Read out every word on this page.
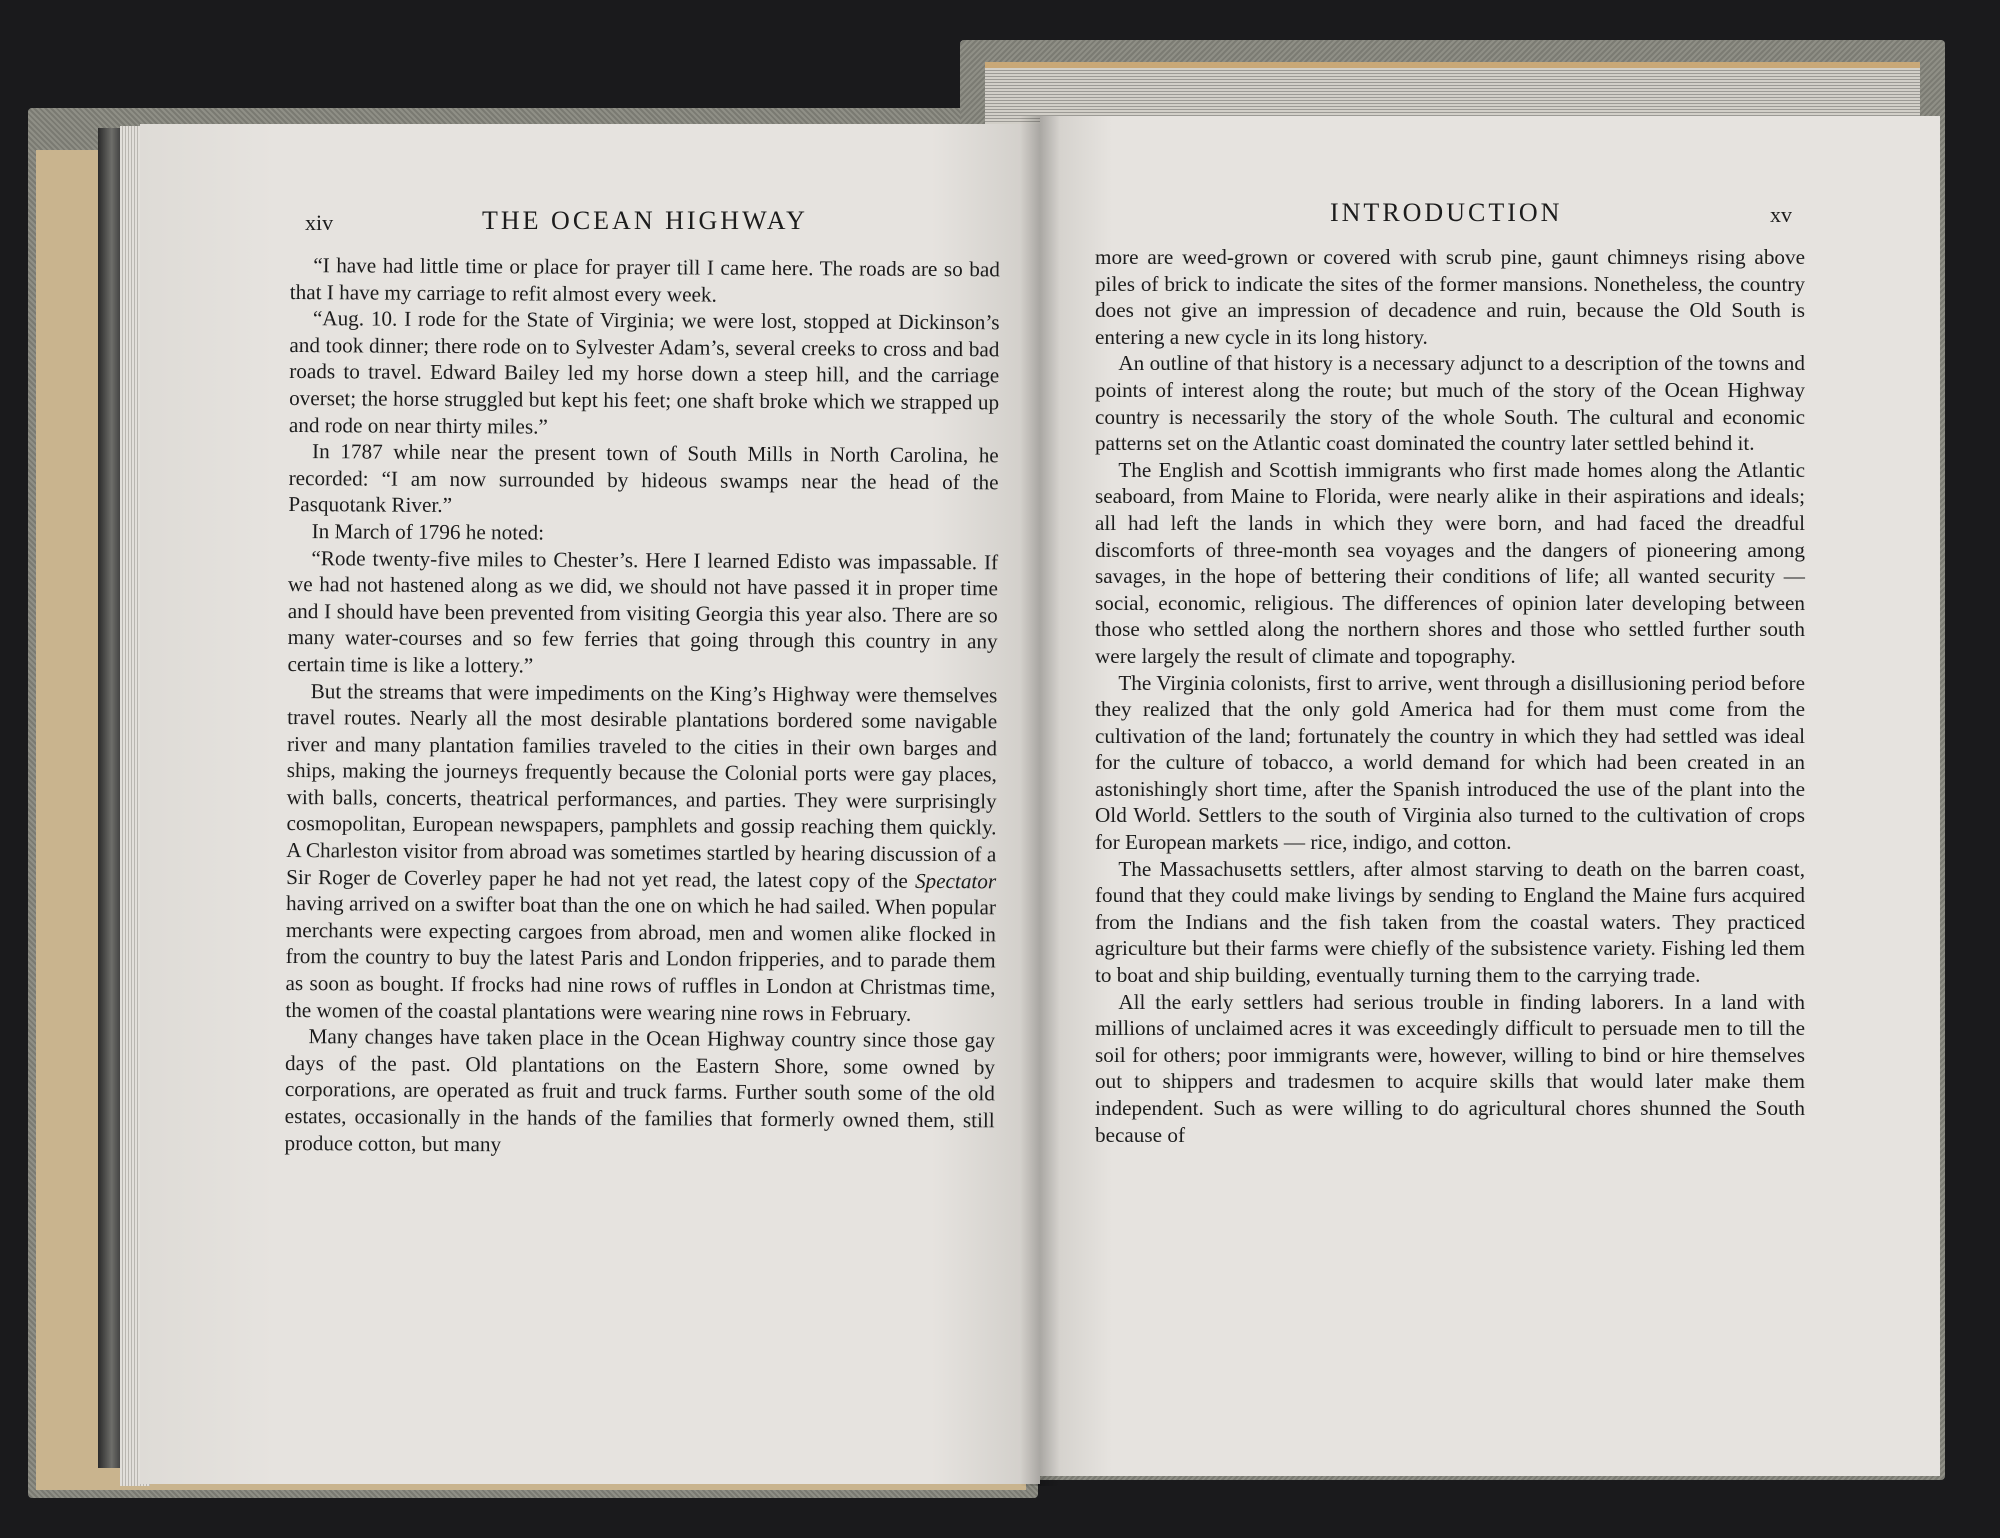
xiv	THE OCEAN HIGHWAY

“I have had little time or place for prayer till I came here. The roads are so bad that I have my carriage to refit almost every week.

“Aug. 10. I rode for the State of Virginia; we were lost, stopped at Dickinson’s and took dinner; there rode on to Sylvester Adam’s, several creeks to cross and bad roads to travel. Edward Bailey led my horse down a steep hill, and the carriage overset; the horse struggled but kept his feet; one shaft broke which we strapped up and rode on near thirty miles.”

In 1787 while near the present town of South Mills in North Carolina, he recorded: “I am now surrounded by hideous swamps near the head of the Pasquotank River.”

In March of 1796 he noted:

“Rode twenty-five miles to Chester’s. Here I learned Edisto was impassable. If we had not hastened along as we did, we should not have passed it in proper time and I should have been prevented from visiting Georgia this year also. There are so many water-courses and so few ferries that going through this country in any certain time is like a lottery.”

But the streams that were impediments on the King’s Highway were themselves travel routes. Nearly all the most desirable plantations bordered some navigable river and many plantation families traveled to the cities in their own barges and ships, making the journeys frequently because the Colonial ports were gay places, with balls, concerts, theatrical performances, and parties. They were surprisingly cosmopolitan, European newspapers, pamphlets and gossip reaching them quickly. A Charleston visitor from abroad was sometimes startled by hearing discussion of a Sir Roger de Coverley paper he had not yet read, the latest copy of the Spectator having arrived on a swifter boat than the one on which he had sailed. When popular merchants were expecting cargoes from abroad, men and women alike flocked in from the country to buy the latest Paris and London fripperies, and to parade them as soon as bought. If frocks had nine rows of ruffles in London at Christmas time, the women of the coastal plantations were wearing nine rows in February.

Many changes have taken place in the Ocean Highway country since those gay days of the past. Old plantations on the Eastern Shore, some owned by corporations, are operated as fruit and truck farms. Further south some of the old estates, occasionally in the hands of the families that formerly owned them, still produce cotton, but many

INTRODUCTION	xv

more are weed-grown or covered with scrub pine, gaunt chimneys rising above piles of brick to indicate the sites of the former mansions. Nonetheless, the country does not give an impression of decadence and ruin, because the Old South is entering a new cycle in its long history.

An outline of that history is a necessary adjunct to a description of the towns and points of interest along the route; but much of the story of the Ocean Highway country is necessarily the story of the whole South. The cultural and economic patterns set on the Atlantic coast dominated the country later settled behind it.

The English and Scottish immigrants who first made homes along the Atlantic seaboard, from Maine to Florida, were nearly alike in their aspirations and ideals; all had left the lands in which they were born, and had faced the dreadful discomforts of three-month sea voyages and the dangers of pioneering among savages, in the hope of bettering their conditions of life; all wanted security — social, economic, religious. The differences of opinion later developing between those who settled along the northern shores and those who settled further south were largely the result of climate and topography.

The Virginia colonists, first to arrive, went through a disillusioning period before they realized that the only gold America had for them must come from the cultivation of the land; fortunately the country in which they had settled was ideal for the culture of tobacco, a world demand for which had been created in an astonishingly short time, after the Spanish introduced the use of the plant into the Old World. Settlers to the south of Virginia also turned to the cultivation of crops for European markets — rice, indigo, and cotton.

The Massachusetts settlers, after almost starving to death on the barren coast, found that they could make livings by sending to England the Maine furs acquired from the Indians and the fish taken from the coastal waters. They practiced agriculture but their farms were chiefly of the subsistence variety. Fishing led them to boat and ship building, eventually turning them to the carrying trade.

All the early settlers had serious trouble in finding laborers. In a land with millions of unclaimed acres it was exceedingly difficult to persuade men to till the soil for others; poor immigrants were, however, willing to bind or hire themselves out to shippers and tradesmen to acquire skills that would later make them independent. Such as were willing to do agricultural chores shunned the South because of
